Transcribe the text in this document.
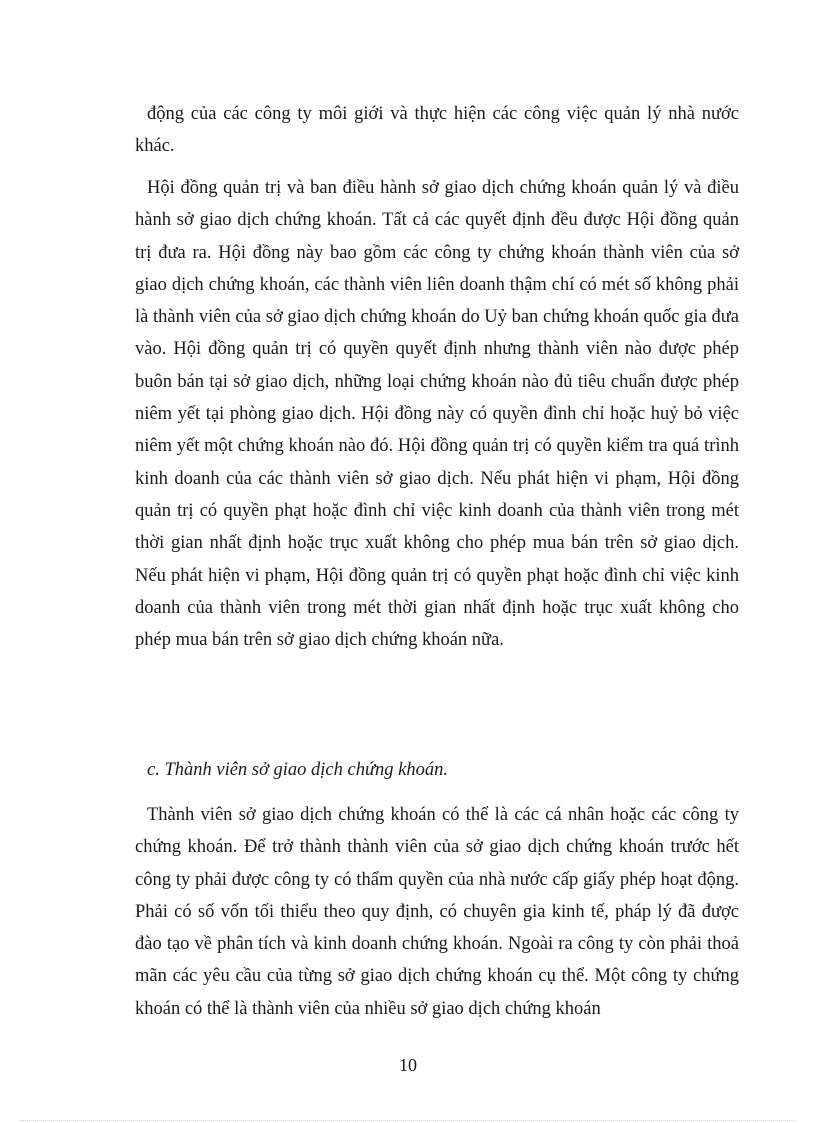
động của các công ty môi giới và thực hiện các công việc quản lý nhà nước khác.

Hội đồng quản trị và ban điều hành sở giao dịch chứng khoán quản lý và điều hành sở giao dịch chứng khoán. Tất cả các quyết định đều được Hội đồng quản trị đưa ra. Hội đồng này bao gồm các công ty chứng khoán thành viên của sở giao dịch chứng khoán, các thành viên liên doanh thậm chí có mét số không phải là thành viên của sở giao dịch chứng khoán do Uỷ ban chứng khoán quốc gia đưa vào. Hội đồng quản trị có quyền quyết định nhưng thành viên nào được phép buôn bán tại sở giao dịch, những loại chứng khoán nào đủ tiêu chuẩn được phép niêm yết tại phòng giao dịch. Hội đồng này có quyền đình chỉ hoặc huỷ bỏ việc niêm yết một chứng khoán nào đó. Hội đồng quản trị có quyền kiểm tra quá trình kinh doanh của các thành viên sở giao dịch. Nếu phát hiện vi phạm, Hội đồng quản trị có quyền phạt hoặc đình chỉ việc kinh doanh của thành viên trong mét thời gian nhất định hoặc trục xuất không cho phép mua bán trên sở giao dịch. Nếu phát hiện vi phạm, Hội đồng quản trị có quyền phạt hoặc đình chỉ việc kinh doanh của thành viên trong mét thời gian nhất định hoặc trục xuất không cho phép mua bán trên sở giao dịch chứng khoán nữa.

c. Thành viên sở giao dịch chứng khoán.

Thành viên sở giao dịch chứng khoán có thể là các cá nhân hoặc các công ty chứng khoán. Để trở thành thành viên của sở giao dịch chứng khoán trước hết công ty phải được công ty có thẩm quyền của nhà nước cấp giấy phép hoạt động. Phải có số vốn tối thiểu theo quy định, có chuyên gia kinh tế, pháp lý đã được đào tạo về phân tích và kinh doanh chứng khoán. Ngoài ra công ty còn phải thoả mãn các yêu cầu của từng sở giao dịch chứng khoán cụ thể. Một công ty chứng khoán có thể là thành viên của nhiều sở giao dịch chứng khoán

10
